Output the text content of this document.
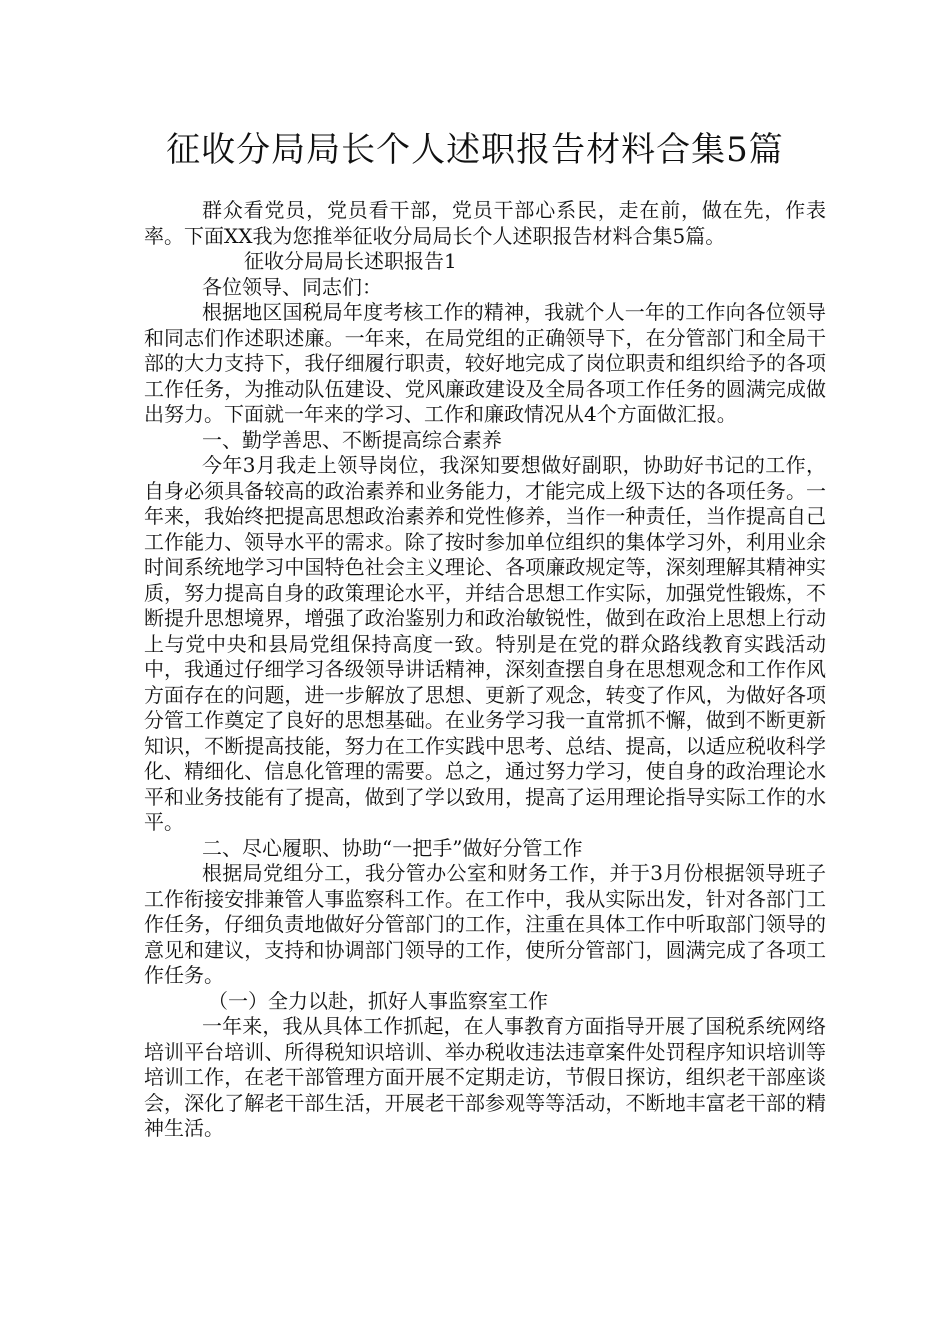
征收分局局长个人述职报告材料合集5篇

群众看党员，党员看干部，党员干部心系民，走在前，做在先，作表率。下面XX我为您推举征收分局局长个人述职报告材料合集5篇。

征收分局局长述职报告1

各位领导、同志们：

根据地区国税局年度考核工作的精神，我就个人一年的工作向各位领导和同志们作述职述廉。一年来，在局党组的正确领导下，在分管部门和全局干部的大力支持下，我仔细履行职责，较好地完成了岗位职责和组织给予的各项工作任务，为推动队伍建设、党风廉政建设及全局各项工作任务的圆满完成做出努力。下面就一年来的学习、工作和廉政情况从4个方面做汇报。

一、勤学善思、不断提高综合素养

今年3月我走上领导岗位，我深知要想做好副职，协助好书记的工作，自身必须具备较高的政治素养和业务能力，才能完成上级下达的各项任务。一年来，我始终把提高思想政治素养和党性修养，当作一种责任，当作提高自己工作能力、领导水平的需求。除了按时参加单位组织的集体学习外，利用业余时间系统地学习中国特色社会主义理论、各项廉政规定等，深刻理解其精神实质，努力提高自身的政策理论水平，并结合思想工作实际，加强党性锻炼，不断提升思想境界，增强了政治鉴别力和政治敏锐性，做到在政治上思想上行动上与党中央和县局党组保持高度一致。特别是在党的群众路线教育实践活动中，我通过仔细学习各级领导讲话精神，深刻查摆自身在思想观念和工作作风方面存在的问题，进一步解放了思想、更新了观念，转变了作风，为做好各项分管工作奠定了良好的思想基础。在业务学习我一直常抓不懈，做到不断更新知识，不断提高技能，努力在工作实践中思考、总结、提高，以适应税收科学化、精细化、信息化管理的需要。总之，通过努力学习，使自身的政治理论水平和业务技能有了提高，做到了学以致用，提高了运用理论指导实际工作的水平。

二、尽心履职、协助“一把手”做好分管工作

根据局党组分工，我分管办公室和财务工作，并于3月份根据领导班子工作衔接安排兼管人事监察科工作。在工作中，我从实际出发，针对各部门工作任务，仔细负责地做好分管部门的工作，注重在具体工作中听取部门领导的意见和建议，支持和协调部门领导的工作，使所分管部门，圆满完成了各项工作任务。

（一）全力以赴，抓好人事监察室工作

一年来，我从具体工作抓起，在人事教育方面指导开展了国税系统网络培训平台培训、所得税知识培训、举办税收违法违章案件处罚程序知识培训等培训工作，在老干部管理方面开展不定期走访，节假日探访，组织老干部座谈会，深化了解老干部生活，开展老干部参观等等活动，不断地丰富老干部的精神生活。
